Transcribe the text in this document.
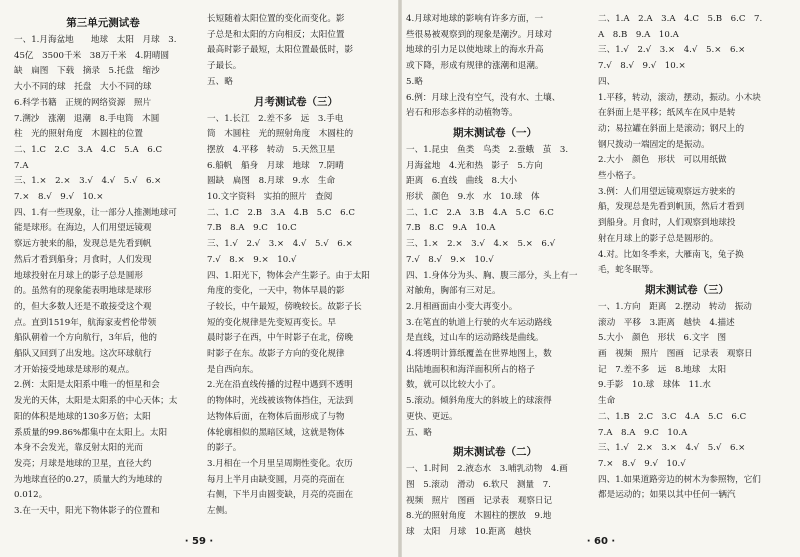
第三单元测试卷

一、1.月海盆地　　地球　太阳　月球　3.

45亿　3500千米　38万千米　4.阴晴圆

缺　扁图　下载　摘录　5.托盘　缩沙

大小不同的球　托盘　大小不同的球

6.科学书籍　正规的网络资源　照片

7.溯沙　涨潮　退潮　8.手电筒　木圆

柱　光的照射角度　木圆柱的位置

二、1.C　2.C　3.A　4.C　5.A　6.C

7.A

三、1.×　2.×　3.√　4.√　5.√　6.×

7.×　8.√　9.√　10.×

四、1.有一些现象，让一部分人推测地球可

能是球形。在海边，人们用望远镜观

察远方驶来的船，发现总是先看到帆

然后才看到船身；月食时，人们发现

地球投射在月球上的影子总是圆形

的。虽然有的现象能表明地球是球形

的，但大多数人还是不敢接受这个观

点。直到1519年，航海家麦哲伦带领

船队朝着一个方向航行，3年后，他的

船队又回到了出发地。这次环球航行

才开始接受地球是球形的观点。

2.例：太阳是太阳系中唯一的恒星和会

发光的天体，太阳是太阳系的中心天体；太

阳的体积是地球的130多万倍；太阳

系质量的99.86%都集中在太阳上。太阳

本身不会发光，靠反射太阳的光而

发亮；月球是地球的卫星，直径大约

为地球直径的0.27，质量大约为地球的

0.012。

3.在一天中，阳光下物体影子的位置和

长短随着太阳位置的变化而变化。影

子总是和太阳的方向相反；太阳位置

最高时影子最短，太阳位置最低时，影

子最长。

五、略

月考测试卷（三）

一、1.长江　2.差不多　远　3.手电

筒　木圆柱　光的照射角度　木圆柱的

摆放　4.平移　转动　5.天然卫星

6.船帆　船身　月球　地球　7.阴晴

圆缺　扁图　8.月球　9.水　生命

10.文字资料　实拍的照片　查阅

二、1.C　2.B　3.A　4.B　5.C　6.C

7.B　8.A　9.C　10.C

三、1.√　2.√　3.×　4.√　5.√　6.×

7.√　8.×　9.×　10.√

四、1.阳光下，物体会产生影子。由于太阳

角度的变化，一天中，物体早晨的影

子较长，中午最短，傍晚较长。故影子长

短的变化规律是先变短再变长。早

晨时影子在西，中午时影子在北，傍晚

时影子在东。故影子方向的变化规律

是自西向东。

2.光在沿直线传播的过程中遇到不透明

的物体时，光线被该物体挡住，无法到

达物体后面，在物体后面形成了与物

体轮廓相似的黑暗区域，这就是物体

的影子。

3.月相在一个月里呈周期性变化。农历

每月上半月由缺变圆，月亮的亮面在

右侧，下半月由圆变缺，月亮的亮面在

左侧。

· 59 ·

4.月球对地球的影响有许多方面，一

些很易被观察到的现象是潮汐。月球对

地球的引力足以使地球上的海水升高

或下降，形成有规律的涨潮和退潮。

5.略

6.例：月球上没有空气，没有水、土壤、

岩石和形态多样的动植物等。

期末测试卷（一）

一、1.昆虫　鱼类　鸟类　2.蚕蛾　茧　3.

月海盆地　4.光和热　影子　5.方向

距离　6.直线　曲线　8.大小

形状　颜色　9.水　水　10.球　体

二、1.C　2.A　3.B　4.A　5.C　6.C

7.B　8.C　9.A　10.A

三、1.×　2.×　3.√　4.×　5.×　6.√

7.√　8.√　9.×　10.√

四、1.身体分为头、胸、腹三部分，头上有一

对触角，胸部有三对足。

2.月相画面由小变大再变小。

3.在笔直的轨道上行驶的火车运动路线

是直线，过山车的运动路线是曲线。

4.将透明计算纸覆盖在世界地图上，数

出陆地面积和海洋面积所占的格子

数，就可以比较大小了。

5.滚动。倾斜角度大的斜坡上的球滚得

更快、更远。

五、略

期末测试卷（二）

一、1.时间　2.液态水　3.哺乳动物　4.画

图　5.滚动　滑动　6.软尺　测量　7.

视频　照片　图画　记录表　观察日记

8.光的照射角度　木圆柱的摆放　9.地

球　太阳　月球　10.距离　越快

二、1.A　2.A　3.A　4.C　5.B　6.C　7.

A　8.B　9.A　10.A

三、1.√　2.√　3.×　4.√　5.×　6.×

7.√　8.√　9.√　10.×

四、

1.平移，转动，滚动，摆动，振动。小木块

在斜面上是平移；纸风车在风中是转

动；易拉罐在斜面上是滚动；钢尺上的

钢尺拨动一端固定的是振动。

2.大小　颜色　形状　可以用纸做

些小格子。

3.例：人们用望远镜观察远方驶来的

船，发现总是先看到帆顶，然后才看到

到船身。月食时，人们观察到地球投

射在月球上的影子总是圆形的。

4.对。比如冬季来，大雁南飞，兔子换

毛，蛇冬眠等。

期末测试卷（三）

一、1.方向　距离　2.摆动　转动　振动

滚动　平移　3.距离　越快　4.描述

5.大小　颜色　形状　6.文字　图

画　视频　照片　图画　记录表　观察日

记　7.差不多　远　8.地球　太阳

9.手影　10.球　球体　11.水

生命

二、1.B　2.C　3.C　4.A　5.C　6.C

7.A　8.A　9.C　10.A

三、1.√　2.×　3.×　4.√　5.√　6.×

7.×　8.√　9.√　10.√

四、1.如果道路旁边的树木为参照物，它们

都是运动的；如果以其中任何一辆汽

· 60 ·
